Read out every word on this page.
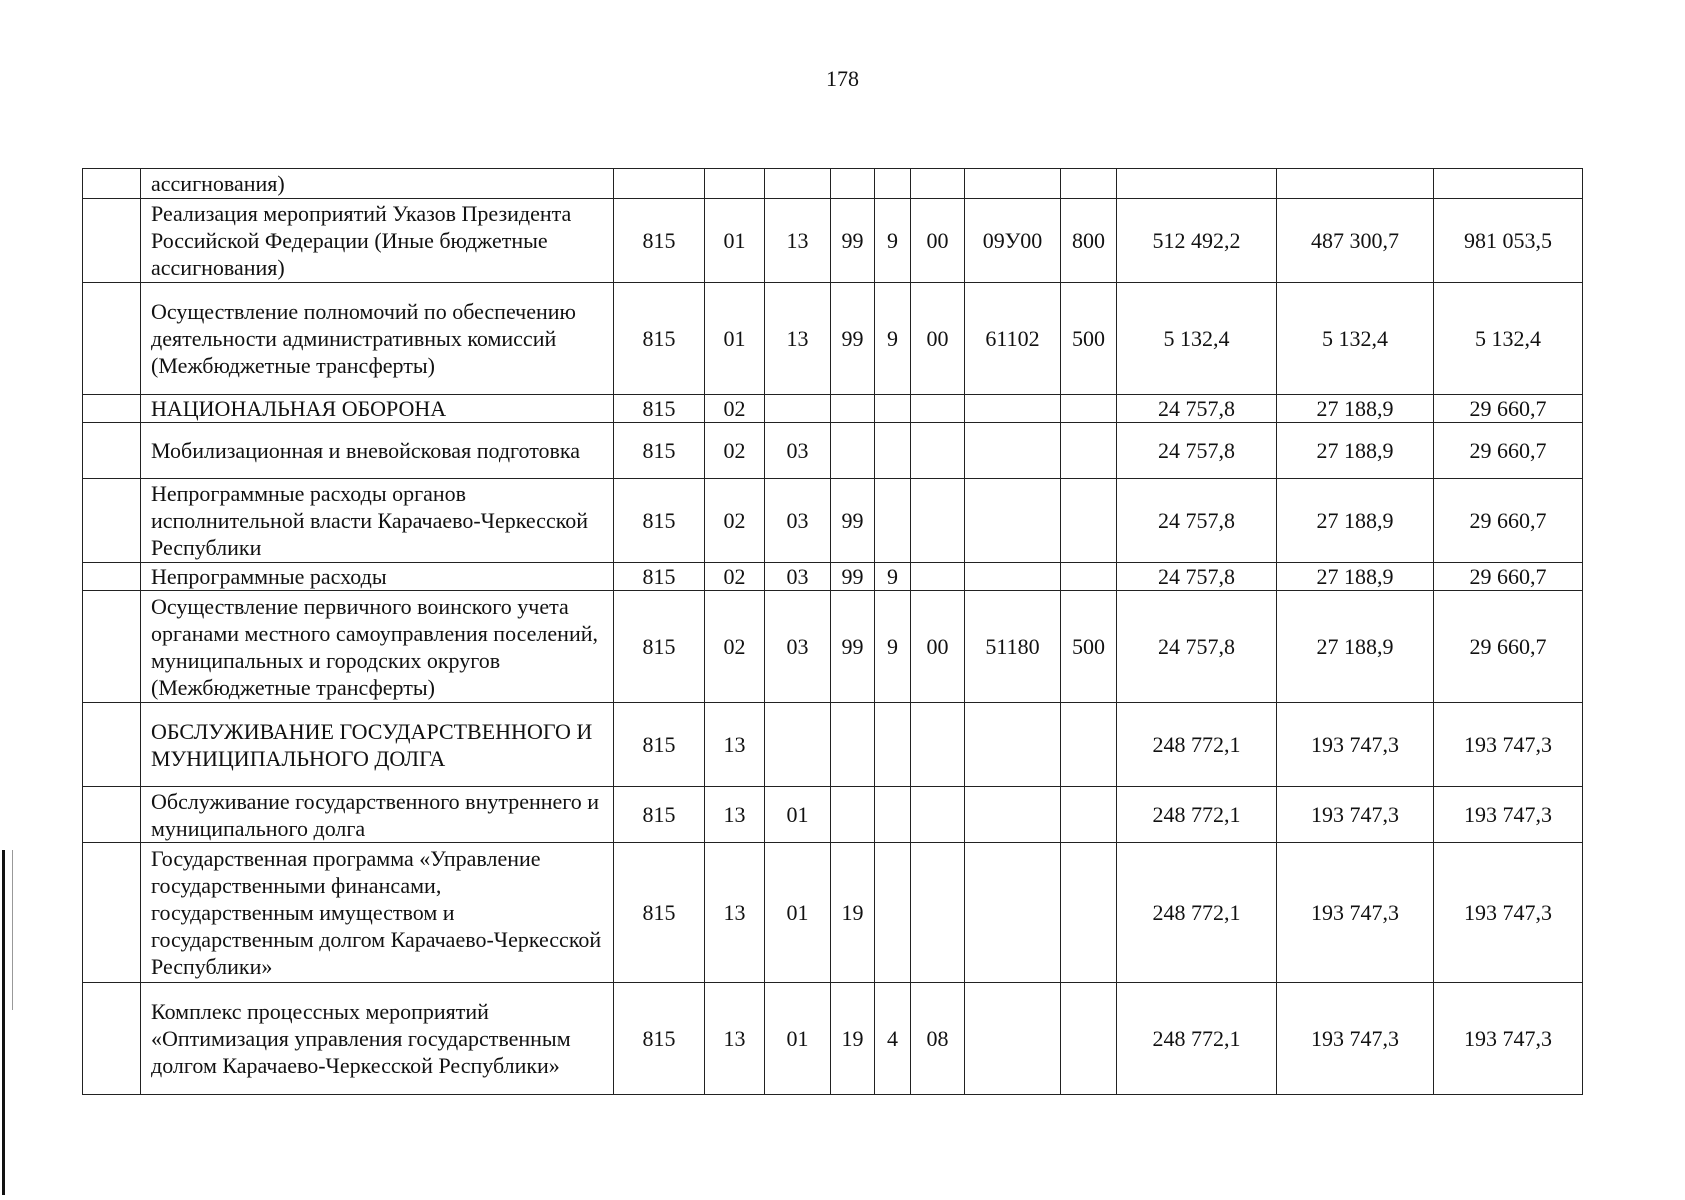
178
	ассигнования)											
	Реализация мероприятий Указов Президента Российской Федерации (Иные бюджетные ассигнования)	815	01	13	99	9	00	09У00	800	512 492,2	487 300,7	981 053,5
	Осуществление полномочий по обеспечению деятельности административных комиссий (Межбюджетные трансферты)	815	01	13	99	9	00	61102	500	5 132,4	5 132,4	5 132,4
	НАЦИОНАЛЬНАЯ ОБОРОНА	815	02							24 757,8	27 188,9	29 660,7
	Мобилизационная и вневойсковая подготовка	815	02	03						24 757,8	27 188,9	29 660,7
	Непрограммные расходы органов исполнительной власти Карачаево-Черкесской Республики	815	02	03	99					24 757,8	27 188,9	29 660,7
	Непрограммные расходы	815	02	03	99	9				24 757,8	27 188,9	29 660,7
	Осуществление первичного воинского учета органами местного самоуправления поселений, муниципальных и городских округов (Межбюджетные трансферты)	815	02	03	99	9	00	51180	500	24 757,8	27 188,9	29 660,7
	ОБСЛУЖИВАНИЕ ГОСУДАРСТВЕННОГО И МУНИЦИПАЛЬНОГО ДОЛГА	815	13							248 772,1	193 747,3	193 747,3
	Обслуживание государственного внутреннего и муниципального долга	815	13	01						248 772,1	193 747,3	193 747,3
	Государственная программа «Управление государственными финансами, государственным имуществом и государственным долгом Карачаево-Черкесской Республики»	815	13	01	19					248 772,1	193 747,3	193 747,3
	Комплекс процессных мероприятий «Оптимизация управления государственным долгом Карачаево-Черкесской Республики»	815	13	01	19	4	08			248 772,1	193 747,3	193 747,3
